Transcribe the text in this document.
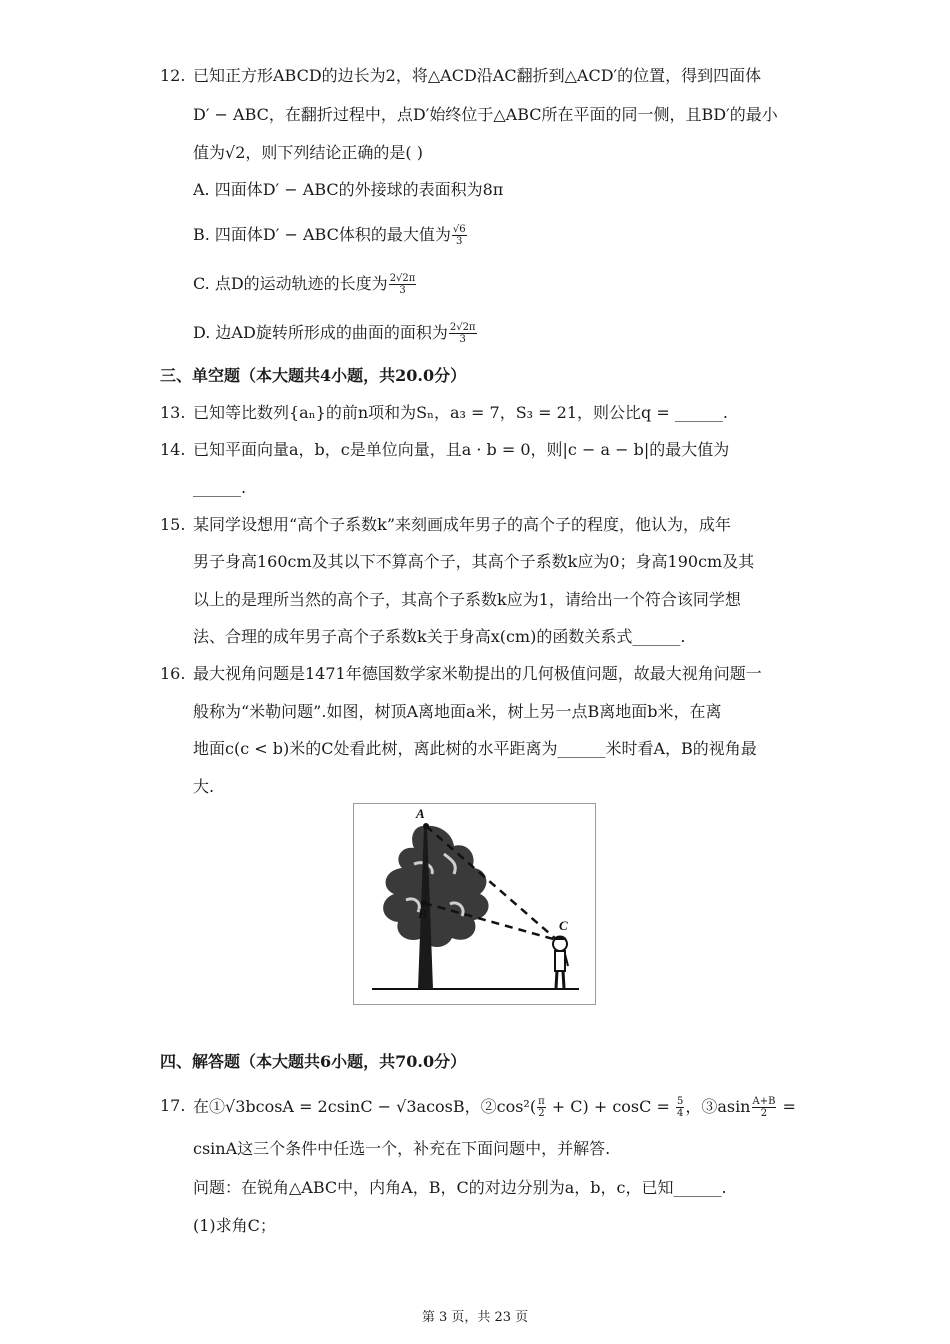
12. 已知正方形ABCD的边长为2，将△ACD沿AC翻折到△ACD′的位置，得到四面体
D′ − ABC，在翻折过程中，点D′始终位于△ABC所在平面的同一侧，且BD′的最小
值为√2，则下列结论正确的是( )
A. 四面体D′ − ABC的外接球的表面积为8π
B. 四面体D′ − ABC体积的最大值为 $\frac{√6}{3}$
C. 点D的运动轨迹的长度为 $\frac{2√2\pi}{3}$
D. 边AD旋转所形成的曲面的面积为 $\frac{2√2\pi}{3}$
三、单空题（本大题共4小题，共20.0分）
13. 已知等比数列{aₙ}的前n项和为Sₙ，a₃ = 7，S₃ = 21，则公比q = ______.
14. 已知平面向量a，b，c是单位向量，且a · b = 0，则|c − a − b|的最大值为
______.
15. 某同学设想用“高个子系数k”来刻画成年男子的高个子的程度，他认为，成年
男子身高160cm及其以下不算高个子，其高个子系数k应为0；身高190cm及其
以上的是理所当然的高个子，其高个子系数k应为1，请给出一个符合该同学想
法、合理的成年男子高个子系数k关于身高x(cm)的函数关系式______.
16. 最大视角问题是1471年德国数学家米勒提出的几何极值问题，故最大视角问题一
般称为“米勒问题”.如图，树顶A离地面a米，树上另一点B离地面b米，在离
地面c(c < b)米的C处看此树，离此树的水平距离为______米时看A，B的视角最
大.
A
B
C
四、解答题（本大题共6小题，共70.0分）
17. 在①√3bcosA = 2csinC − √3acosB，②cos²( $\frac{\pi}{2} + C) + \cos C = \frac{5}{4}$ ，③asin $\frac{A+B}{2}$ =
csinA这三个条件中任选一个，补充在下面问题中，并解答.
问题：在锐角△ABC中，内角A，B，C的对边分别为a，b，c，已知______.
(1)求角C；
第 3 页，共 23 页
